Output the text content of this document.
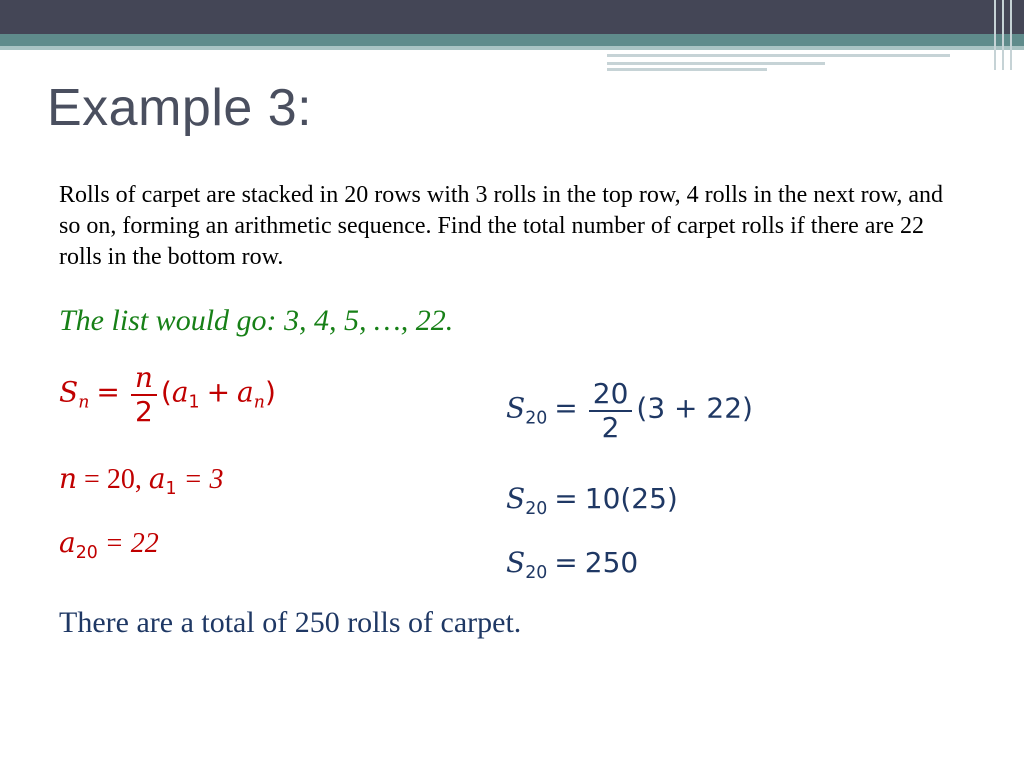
Example 3:

Rolls of carpet are stacked in 20 rows with 3 rolls in the top row, 4 rolls in the next row, and so on, forming an arithmetic sequence. Find the total number of carpet rolls if there are 22 rolls in the bottom row.

The list would go: 3, 4, 5, …, 22.
$S_n = \frac{n}{2} (a_1 + a_n)$
n = 20, $a_1 = 3$
$a_{20} = 22$
$S_{20} = \frac{20}{2} (3 + 22)$
$S_{20} = 10(25)$
$S_{20} = 250$
There are a total of 250 rolls of carpet.
